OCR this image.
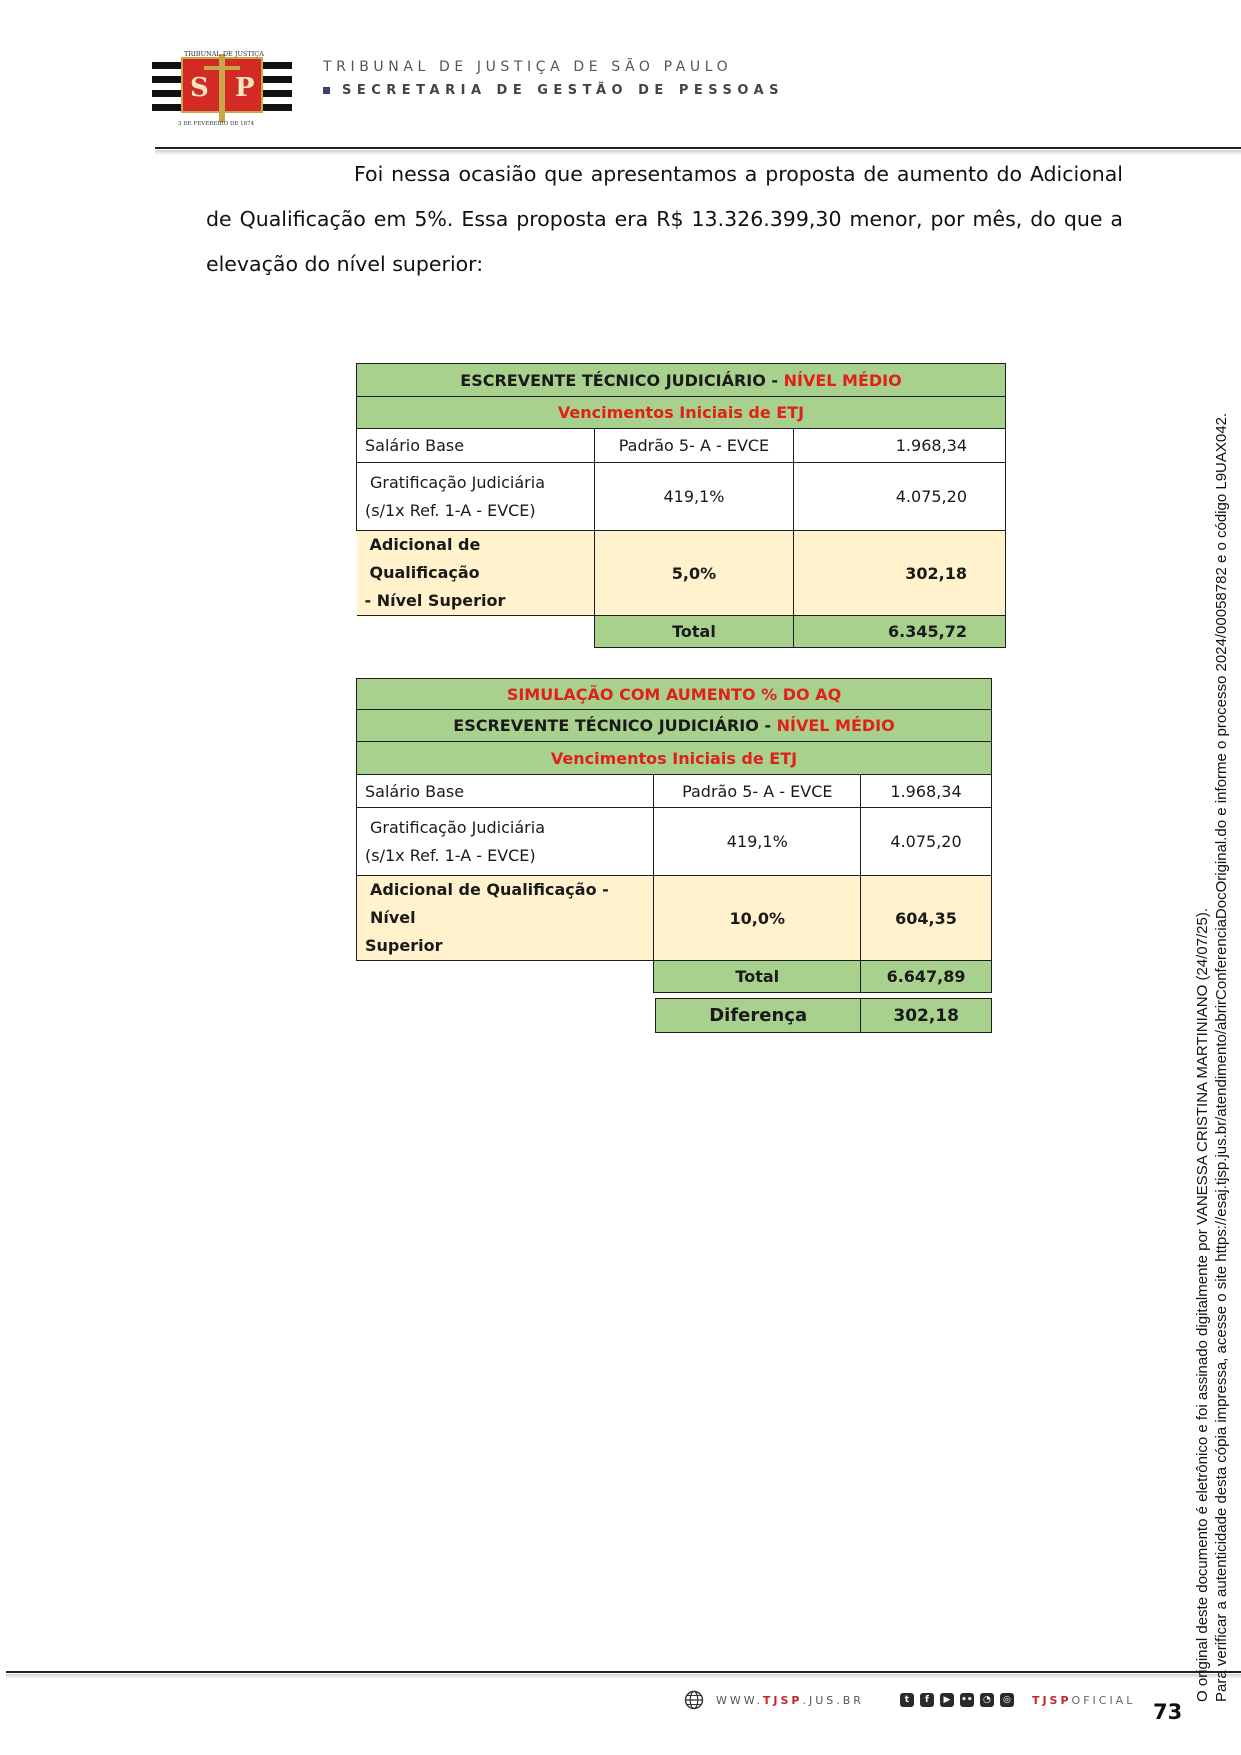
TRIBUNAL DE JUSTIÇA
S P
3 DE FEVEREIRO DE 1874
TRIBUNAL DE JUSTIÇA DE SÃO PAULO
SECRETARIA DE GESTÃO DE PESSOAS

Foi nessa ocasião que apresentamos a proposta de aumento do Adicional de Qualificação em 5%. Essa proposta era R$ 13.326.399,30 menor, por mês, do que a elevação do nível superior:

ESCREVENTE TÉCNICO JUDICIÁRIO - NÍVEL MÉDIO		
Vencimentos Iniciais de ETJ		
Salário Base	Padrão 5- A - EVCE	1.968,34

Gratificação Judiciária
(s/1x Ref. 1-A - EVCE)	419,1%	4.075,20

Adicional de Qualificação
- Nível Superior	5,0%	302,18
	Total	6.345,72
SIMULAÇÃO COM AUMENTO % DO AQ		
ESCREVENTE TÉCNICO JUDICIÁRIO - NÍVEL MÉDIO		
Vencimentos Iniciais de ETJ		
Salário Base	Padrão 5- A - EVCE	1.968,34

Gratificação Judiciária
(s/1x Ref. 1-A - EVCE)	419,1%	4.075,20

Adicional de Qualificação - Nível
Superior	10,0%	604,35
	Total	6.647,89
Diferença	302,18
WWW.TJSP.JUS.BR	t	f	▶	••	◔	◎ TJSPOFICIAL 73
O original deste documento é eletrônico e foi assinado digitalmente por VANESSA CRISTINA MARTINIANO (24/07/25). Para verificar a autenticidade desta cópia impressa, acesse o site https://esaj.tjsp.jus.br/atendimento/abrirConferenciaDocOriginal.do e informe o processo 2024/00058782 e o código L9UAX042.
